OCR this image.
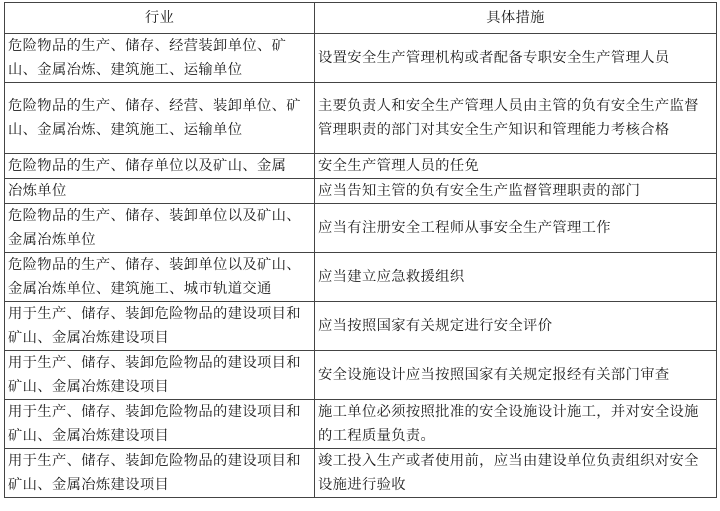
行业	具体措施
危险物品的生产、储存、经营装卸单位、矿山、金属冶炼、建筑施工、运输单位	设置安全生产管理机构或者配备专职安全生产管理人员
危险物品的生产、储存、经营、装卸单位、矿山、金属冶炼、建筑施工、运输单位	主要负责人和安全生产管理人员由主管的负有安全生产监督管理职责的部门对其安全生产知识和管理能力考核合格
危险物品的生产、储存单位以及矿山、金属	安全生产管理人员的任免
冶炼单位	应当告知主管的负有安全生产监督管理职责的部门
危险物品的生产、储存、装卸单位以及矿山、金属冶炼单位	应当有注册安全工程师从事安全生产管理工作
危险物品的生产、储存、装卸单位以及矿山、金属冶炼单位、建筑施工、城市轨道交通	应当建立应急救援组织
用于生产、储存、装卸危险物品的建设项目和矿山、金属冶炼建设项目	应当按照国家有关规定进行安全评价
用于生产、储存、装卸危险物品的建设项目和矿山、金属冶炼建设项目	安全设施设计应当按照国家有关规定报经有关部门审查
用于生产、储存、装卸危险物品的建设项目和矿山、金属冶炼建设项目	施工单位必须按照批准的安全设施设计施工，并对安全设施的工程质量负责。
用于生产、储存、装卸危险物品的建设项目和矿山、金属冶炼建设项目	竣工投入生产或者使用前，应当由建设单位负责组织对安全设施进行验收
